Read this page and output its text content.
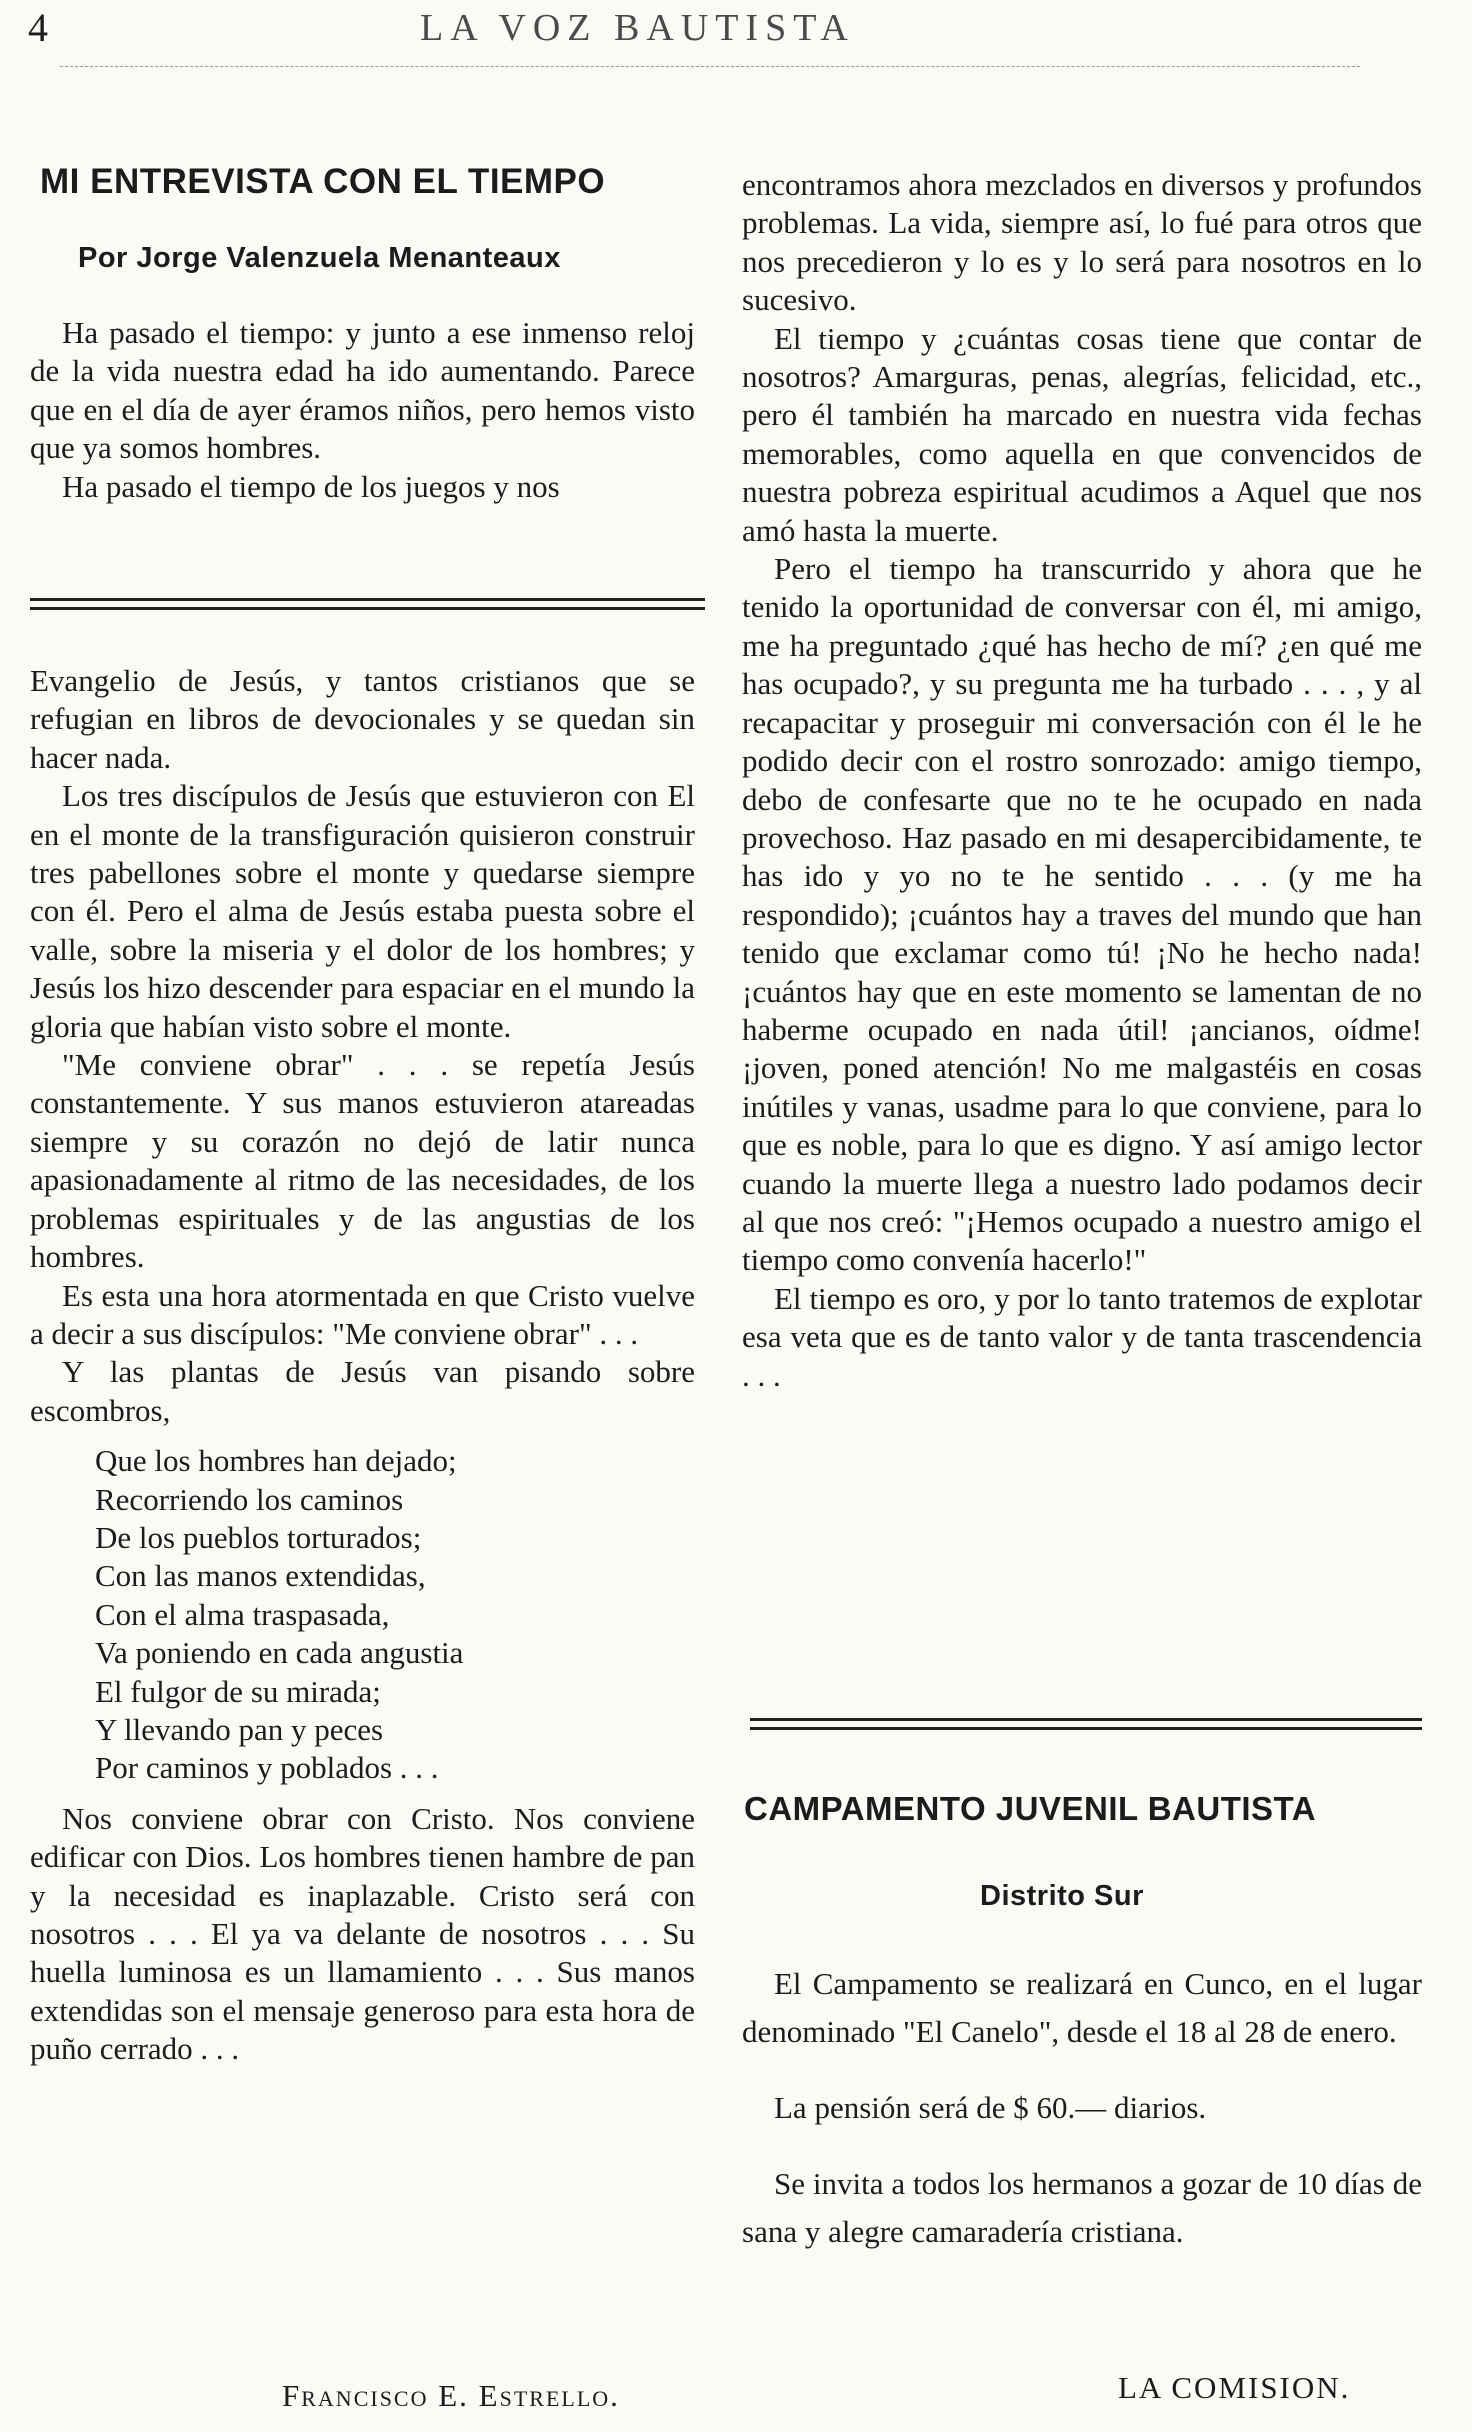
4	LA VOZ BAUTISTA
MI ENTREVISTA CON EL TIEMPO
Por Jorge Valenzuela Menanteaux

Ha pasado el tiempo: y junto a ese inmenso reloj de la vida nuestra edad ha ido aumentando. Parece que en el día de ayer éramos niños, pero hemos visto que ya somos hombres.

Ha pasado el tiempo de los juegos y nos

Evangelio de Jesús, y tantos cristianos que se refugian en libros de devocionales y se quedan sin hacer nada.

Los tres discípulos de Jesús que estuvieron con El en el monte de la transfiguración quisieron construir tres pabellones sobre el monte y quedarse siempre con él. Pero el alma de Jesús estaba puesta sobre el valle, sobre la miseria y el dolor de los hombres; y Jesús los hizo descender para espaciar en el mundo la gloria que habían visto sobre el monte.

"Me conviene obrar" . . . se repetía Jesús constantemente. Y sus manos estuvieron atareadas siempre y su corazón no dejó de latir nunca apasionadamente al ritmo de las necesidades, de los problemas espirituales y de las angustias de los hombres.

Es esta una hora atormentada en que Cristo vuelve a decir a sus discípulos: "Me conviene obrar" . . .

Y las plantas de Jesús van pisando sobre escombros,

Que los hombres han dejado;
Recorriendo los caminos
De los pueblos torturados;
Con las manos extendidas,
Con el alma traspasada,
Va poniendo en cada angustia
El fulgor de su mirada;
Y llevando pan y peces
Por caminos y poblados . . .

Nos conviene obrar con Cristo. Nos conviene edificar con Dios. Los hombres tienen hambre de pan y la necesidad es inaplazable. Cristo será con nosotros . . . El ya va delante de nosotros . . . Su huella luminosa es un llamamiento . . . Sus manos extendidas son el mensaje generoso para esta hora de puño cerrado . . .

Francisco E. Estrello.

encontramos ahora mezclados en diversos y profundos problemas. La vida, siempre así, lo fué para otros que nos precedieron y lo es y lo será para nosotros en lo sucesivo.

El tiempo y ¿cuántas cosas tiene que contar de nosotros? Amarguras, penas, alegrías, felicidad, etc., pero él también ha marcado en nuestra vida fechas memorables, como aquella en que convencidos de nuestra pobreza espiritual acudimos a Aquel que nos amó hasta la muerte.

Pero el tiempo ha transcurrido y ahora que he tenido la oportunidad de conversar con él, mi amigo, me ha preguntado ¿qué has hecho de mí? ¿en qué me has ocupado?, y su pregunta me ha turbado . . . , y al recapacitar y proseguir mi conversación con él le he podido decir con el rostro sonrozado: amigo tiempo, debo de confesarte que no te he ocupado en nada provechoso. Haz pasado en mi desapercibidamente, te has ido y yo no te he sentido . . . (y me ha respondido); ¡cuántos hay a traves del mundo que han tenido que exclamar como tú! ¡No he hecho nada! ¡cuántos hay que en este momento se lamentan de no haberme ocupado en nada útil! ¡ancianos, oídme! ¡joven, poned atención! No me malgastéis en cosas inútiles y vanas, usadme para lo que conviene, para lo que es noble, para lo que es digno. Y así amigo lector cuando la muerte llega a nuestro lado podamos decir al que nos creó: "¡Hemos ocupado a nuestro amigo el tiempo como convenía hacerlo!"

El tiempo es oro, y por lo tanto tratemos de explotar esa veta que es de tanto valor y de tanta trascendencia . . .

CAMPAMENTO JUVENIL BAUTISTA
Distrito Sur

El Campamento se realizará en Cunco, en el lugar denominado "El Canelo", desde el 18 al 28 de enero.

La pensión será de $ 60.— diarios.

Se invita a todos los hermanos a gozar de 10 días de sana y alegre camaradería cristiana.

LA COMISION.
